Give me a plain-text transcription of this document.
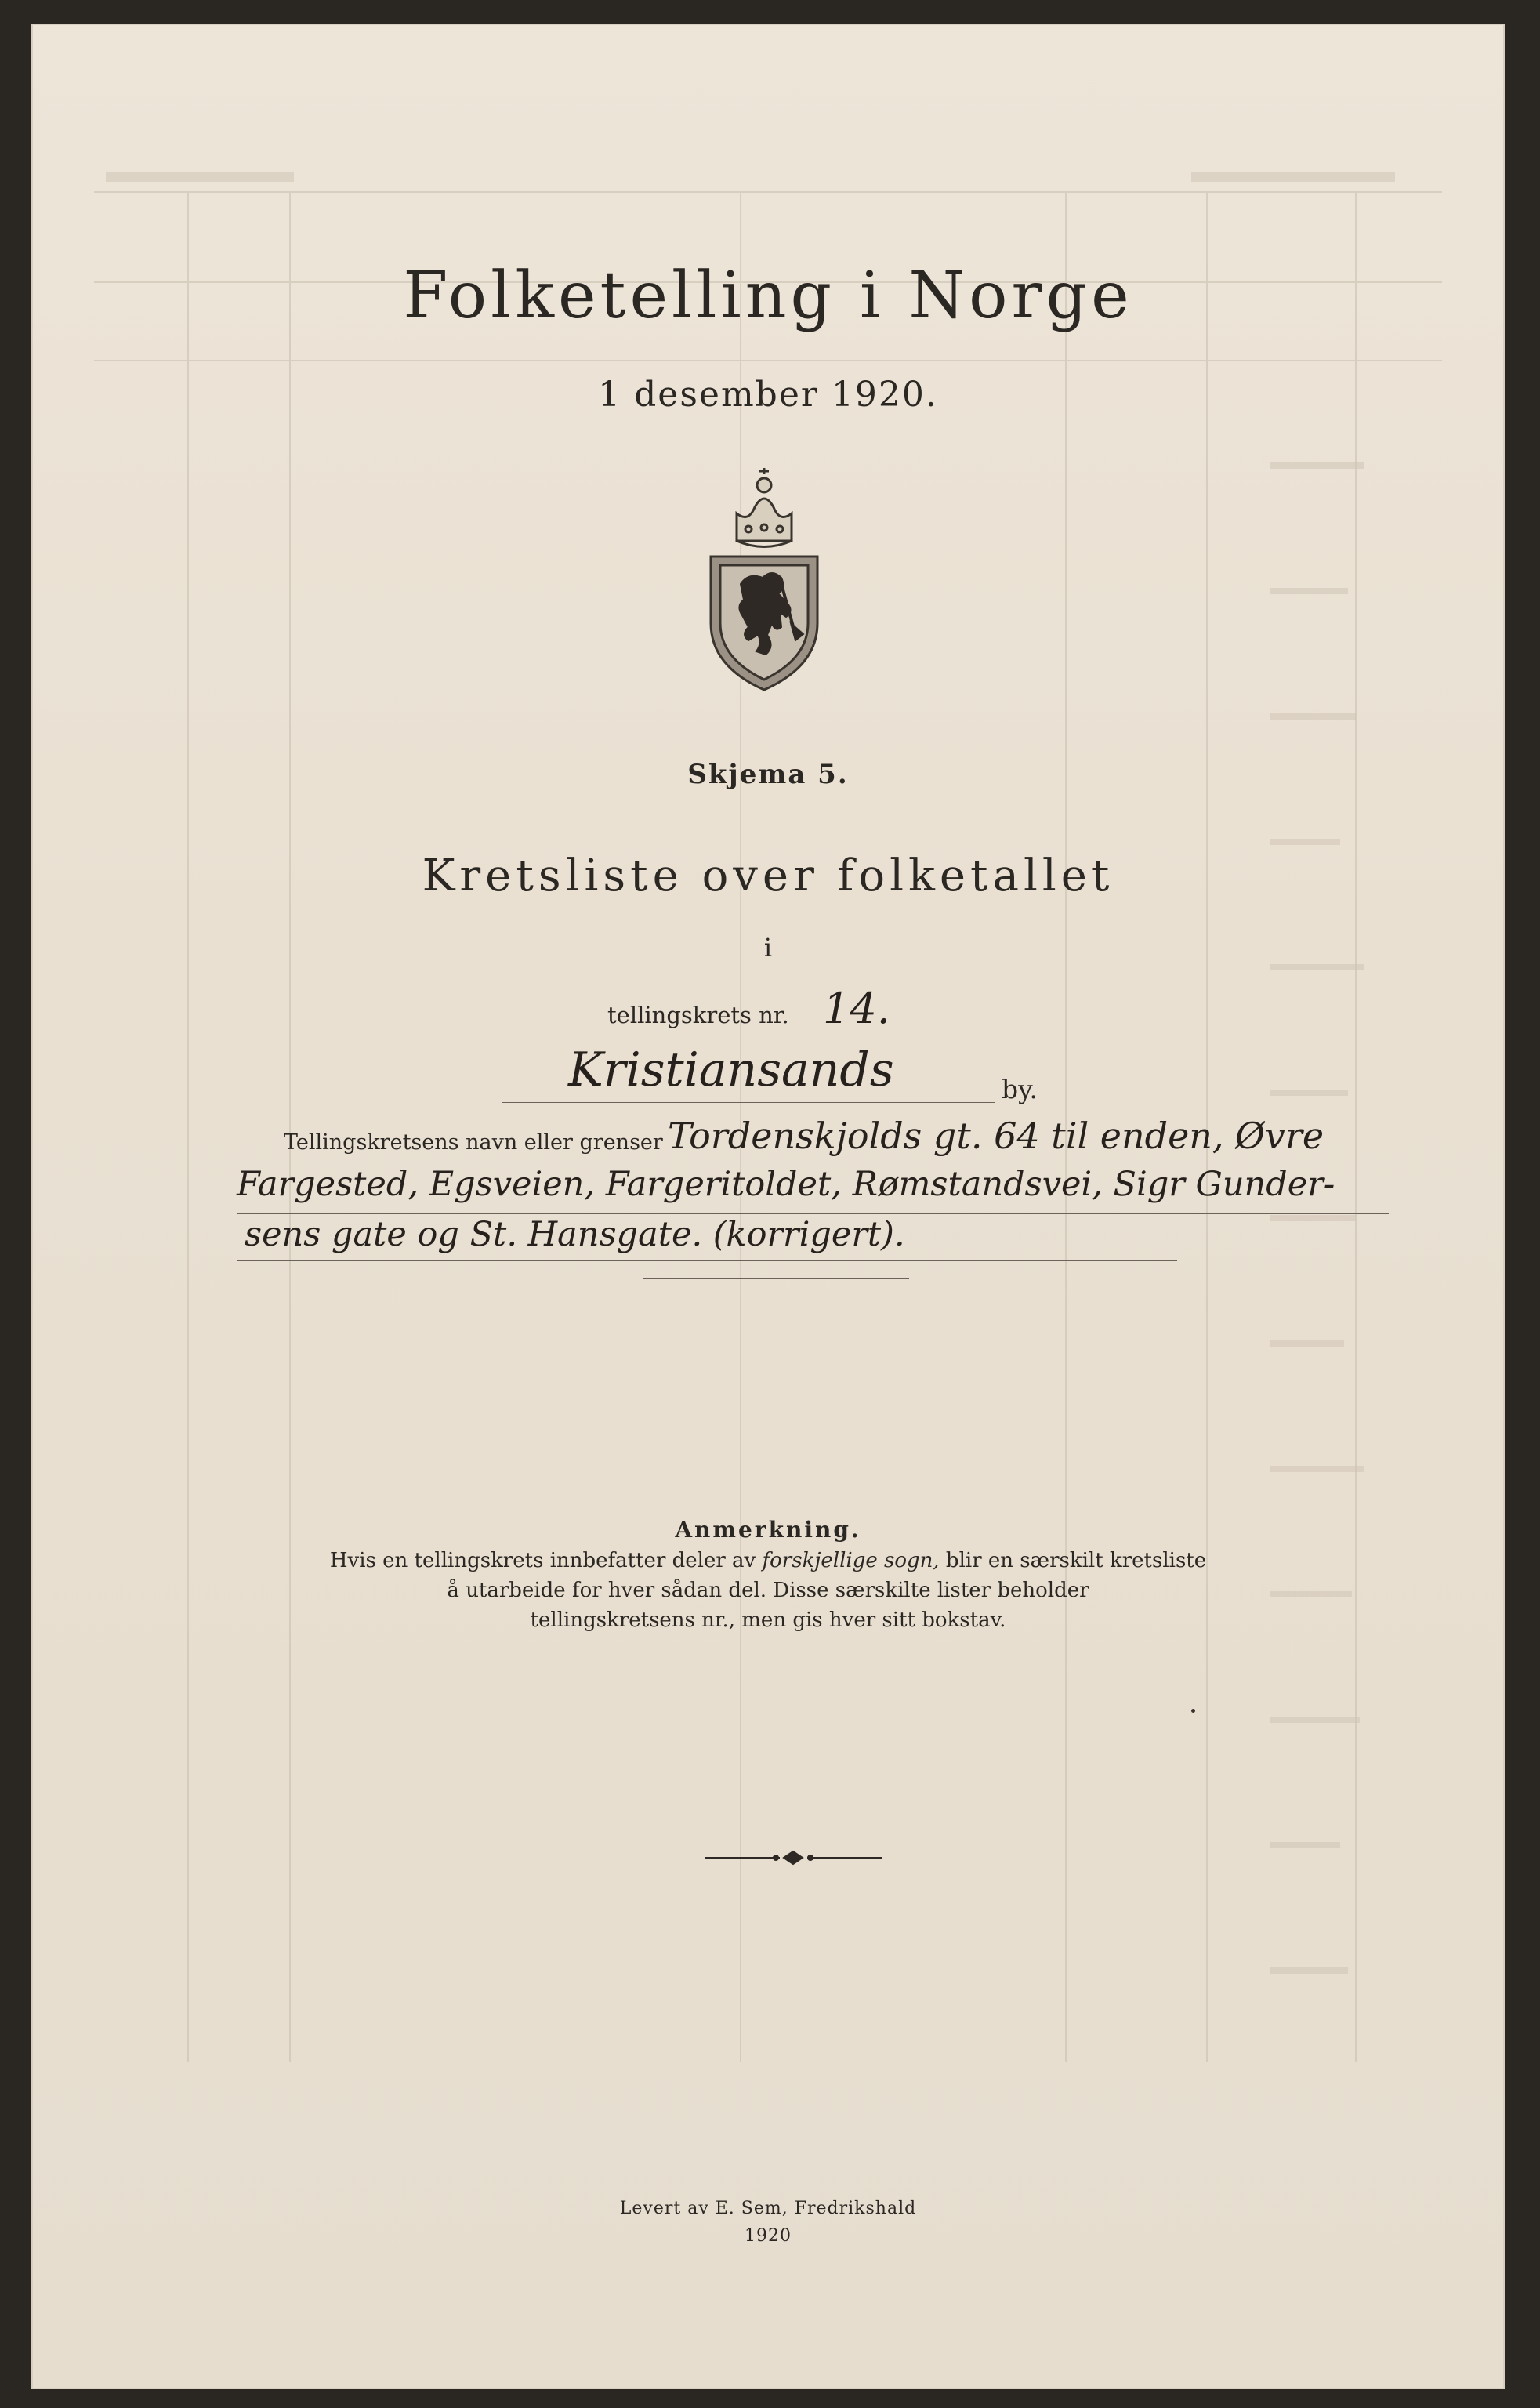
Folketelling i Norge
1 desember 1920.
Skjema 5.
Kretsliste over folketallet
i
tellingskrets nr. 14.
Kristiansands	by.
Tellingskretsens navn eller grenser Tordenskjolds gt. 64 til enden, Øvre
Fargested, Egsveien, Fargeritoldet, Rømstandsvei, Sigr Gunder-
sens gate og St. Hansgate. (korrigert).
Anmerkning.
Hvis en tellingskrets innbefatter deler av forskjellige sogn, blir en særskilt kretsliste
å utarbeide for hver sådan del. Disse særskilte lister beholder
tellingskretsens nr., men gis hver sitt bokstav.
Levert av E. Sem, Fredrikshald
1920
